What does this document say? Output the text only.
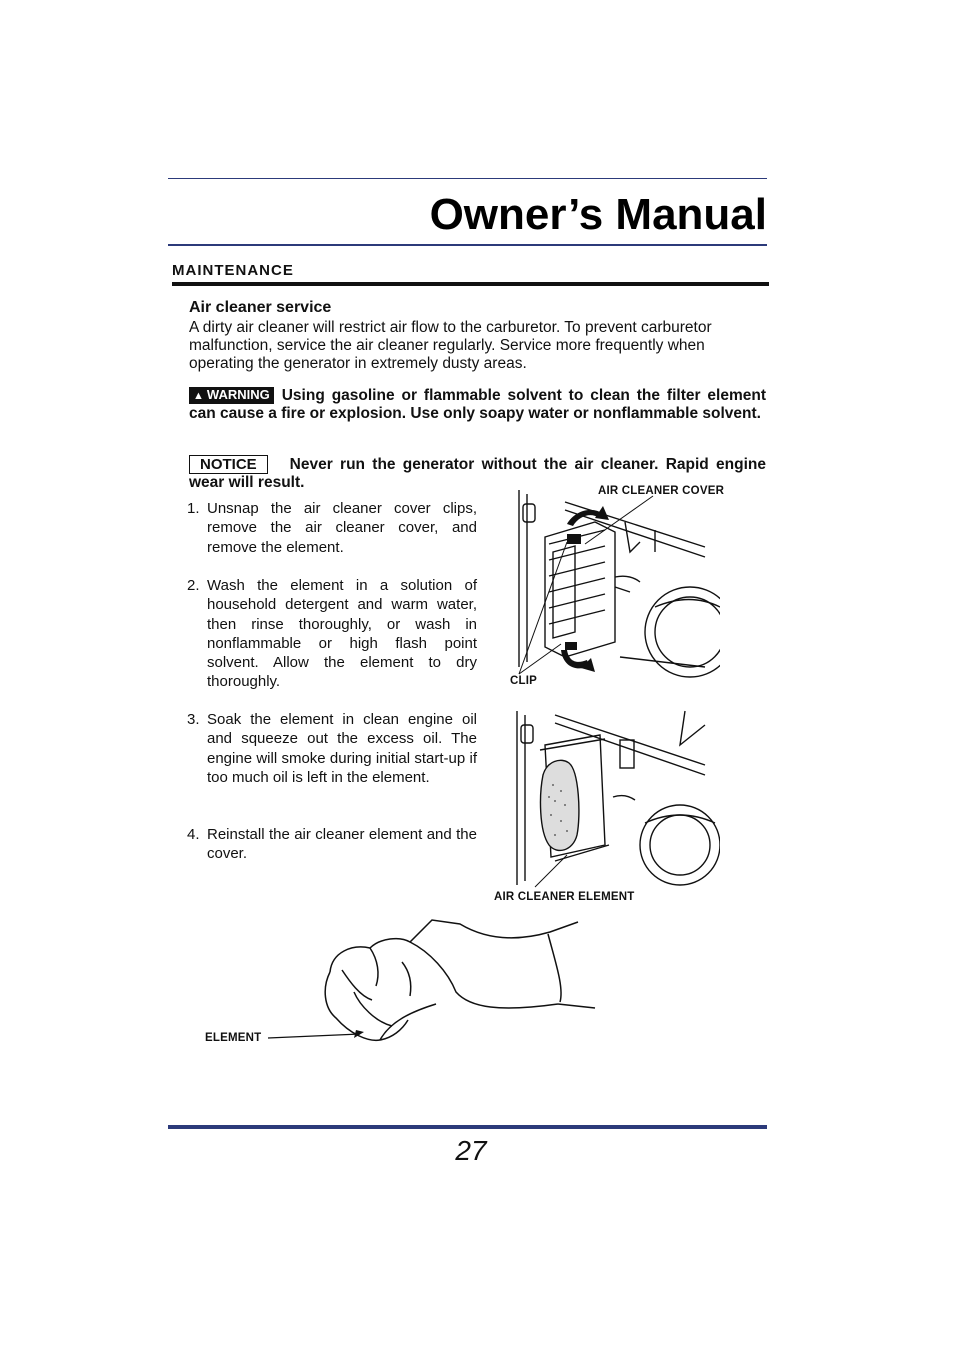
Owner’s Manual
MAINTENANCE
Air cleaner service
A dirty air cleaner will restrict air flow to the carburetor. To prevent carburetor malfunction, service the air cleaner regularly. Service more frequently when operating the generator in extremely dusty areas.
▲ WARNING Using gasoline or flammable solvent to clean the filter element can cause a fire or explosion. Use only soapy water or nonflammable solvent.
NOTICE Never run the generator without the air cleaner. Rapid engine wear will result.
1. Unsnap the air cleaner cover clips, remove the air cleaner cover, and remove the element.
2. Wash the element in a solution of household detergent and warm water, then rinse thoroughly, or wash in nonflammable or high flash point solvent. Allow the element to dry thoroughly.
3. Soak the element in clean engine oil and squeeze out the excess oil. The engine will smoke during initial start-up if too much oil is left in the element.
4. Reinstall the air cleaner element and the cover.
AIR CLEANER COVER
CLIP
AIR CLEANER ELEMENT
ELEMENT
27
